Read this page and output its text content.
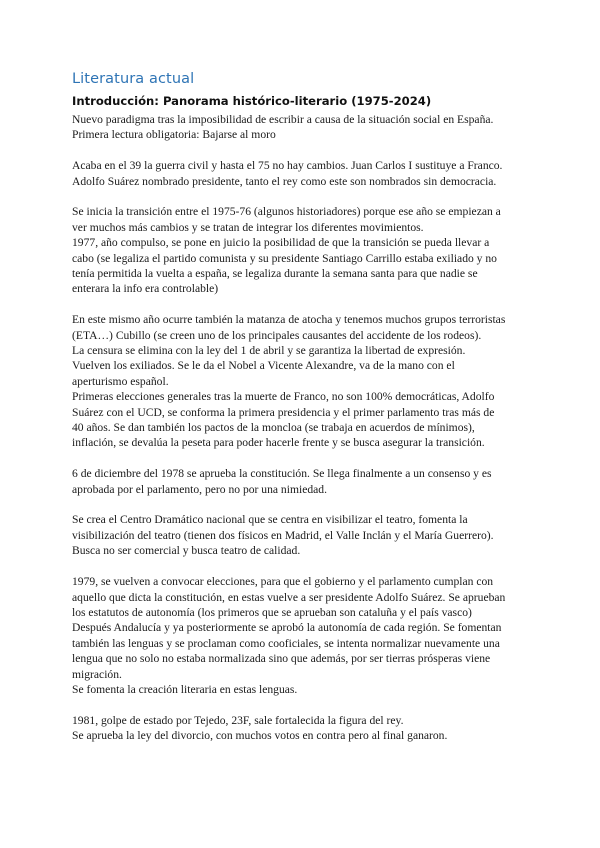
Literatura actual
Introducción: Panorama histórico-literario (1975-2024)

Nuevo paradigma tras la imposibilidad de escribir a causa de la situación social en España.

Primera lectura obligatoria: Bajarse al moro

Acaba en el 39 la guerra civil y hasta el 75 no hay cambios. Juan Carlos I sustituye a Franco.

Adolfo Suárez nombrado presidente, tanto el rey como este son nombrados sin democracia.

Se inicia la transición entre el 1975-76 (algunos historiadores) porque ese año se empiezan a

ver muchos más cambios y se tratan de integrar los diferentes movimientos.

1977, año compulso, se pone en juicio la posibilidad de que la transición se pueda llevar a

cabo (se legaliza el partido comunista y su presidente Santiago Carrillo estaba exiliado y no

tenía permitida la vuelta a españa, se legaliza durante la semana santa para que nadie se

enterara la info era controlable)

En este mismo año ocurre también la matanza de atocha y tenemos muchos grupos terroristas

(ETA…) Cubillo (se creen uno de los principales causantes del accidente de los rodeos).

La censura se elimina con la ley del 1 de abril y se garantiza la libertad de expresión.

Vuelven los exiliados. Se le da el Nobel a Vicente Alexandre, va de la mano con el

aperturismo español.

Primeras elecciones generales tras la muerte de Franco, no son 100% democráticas, Adolfo

Suárez con el UCD, se conforma la primera presidencia y el primer parlamento tras más de

40 años. Se dan también los pactos de la moncloa (se trabaja en acuerdos de mínimos),

inflación, se devalúa la peseta para poder hacerle frente y se busca asegurar la transición.

6 de diciembre del 1978 se aprueba la constitución. Se llega finalmente a un consenso y es

aprobada por el parlamento, pero no por una nimiedad.

Se crea el Centro Dramático nacional que se centra en visibilizar el teatro, fomenta la

visibilización del teatro (tienen dos físicos en Madrid, el Valle Inclán y el María Guerrero).

Busca no ser comercial y busca teatro de calidad.

1979, se vuelven a convocar elecciones, para que el gobierno y el parlamento cumplan con

aquello que dicta la constitución, en estas vuelve a ser presidente Adolfo Suárez. Se aprueban

los estatutos de autonomía (los primeros que se aprueban son cataluña y el país vasco)

Después Andalucía y ya posteriormente se aprobó la autonomía de cada región. Se fomentan

también las lenguas y se proclaman como cooficiales, se intenta normalizar nuevamente una

lengua que no solo no estaba normalizada sino que además, por ser tierras prósperas viene

migración.

Se fomenta la creación literaria en estas lenguas.

1981, golpe de estado por Tejedo, 23F, sale fortalecida la figura del rey.

Se aprueba la ley del divorcio, con muchos votos en contra pero al final ganaron.
